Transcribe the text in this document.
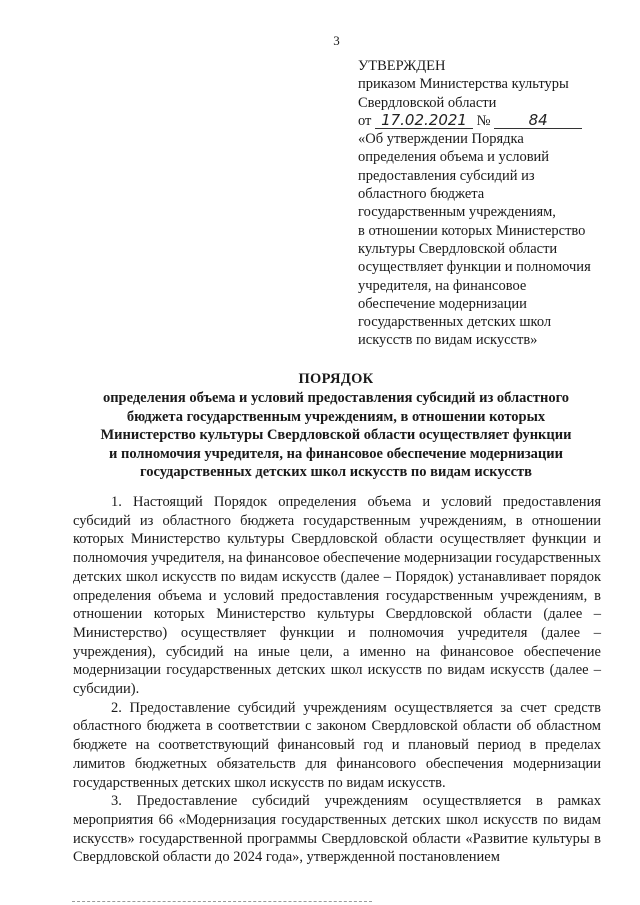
3
УТВЕРЖДЕН
приказом Министерства культуры
Свердловской области
от 17.02.2021 №	84
«Об утверждении Порядка
определения объема и условий
предоставления субсидий из
областного бюджета
государственным учреждениям,
в отношении которых Министерство
культуры Свердловской области
осуществляет функции и полномочия
учредителя, на финансовое
обеспечение модернизации
государственных детских школ
искусств по видам искусств»
ПОРЯДОК
определения объема и условий предоставления субсидий из областного
бюджета государственным учреждениям, в отношении которых
Министерство культуры Свердловской области осуществляет функции
и полномочия учредителя, на финансовое обеспечение модернизации
государственных детских школ искусств по видам искусств

1. Настоящий Порядок определения объема и условий предоставления субсидий из областного бюджета государственным учреждениям, в отношении которых Министерство культуры Свердловской области осуществляет функции и полномочия учредителя, на финансовое обеспечение модернизации государственных детских школ искусств по видам искусств (далее – Порядок) устанавливает порядок определения объема и условий предоставления государственным учреждениям, в отношении которых Министерство культуры Свердловской области (далее – Министерство) осуществляет функции и полномочия учредителя (далее – учреждения), субсидий на иные цели, а именно на финансовое обеспечение модернизации государственных детских школ искусств по видам искусств (далее – субсидии).

2. Предоставление субсидий учреждениям осуществляется за счет средств областного бюджета в соответствии с законом Свердловской области об областном бюджете на соответствующий финансовый год и плановый период в пределах лимитов бюджетных обязательств для финансового обеспечения модернизации государственных детских школ искусств по видам искусств.

3. Предоставление субсидий учреждениям осуществляется в рамках мероприятия 66 «Модернизация государственных детских школ искусств по видам искусств» государственной программы Свердловской области «Развитие культуры в Свердловской области до 2024 года», утвержденной постановлением
